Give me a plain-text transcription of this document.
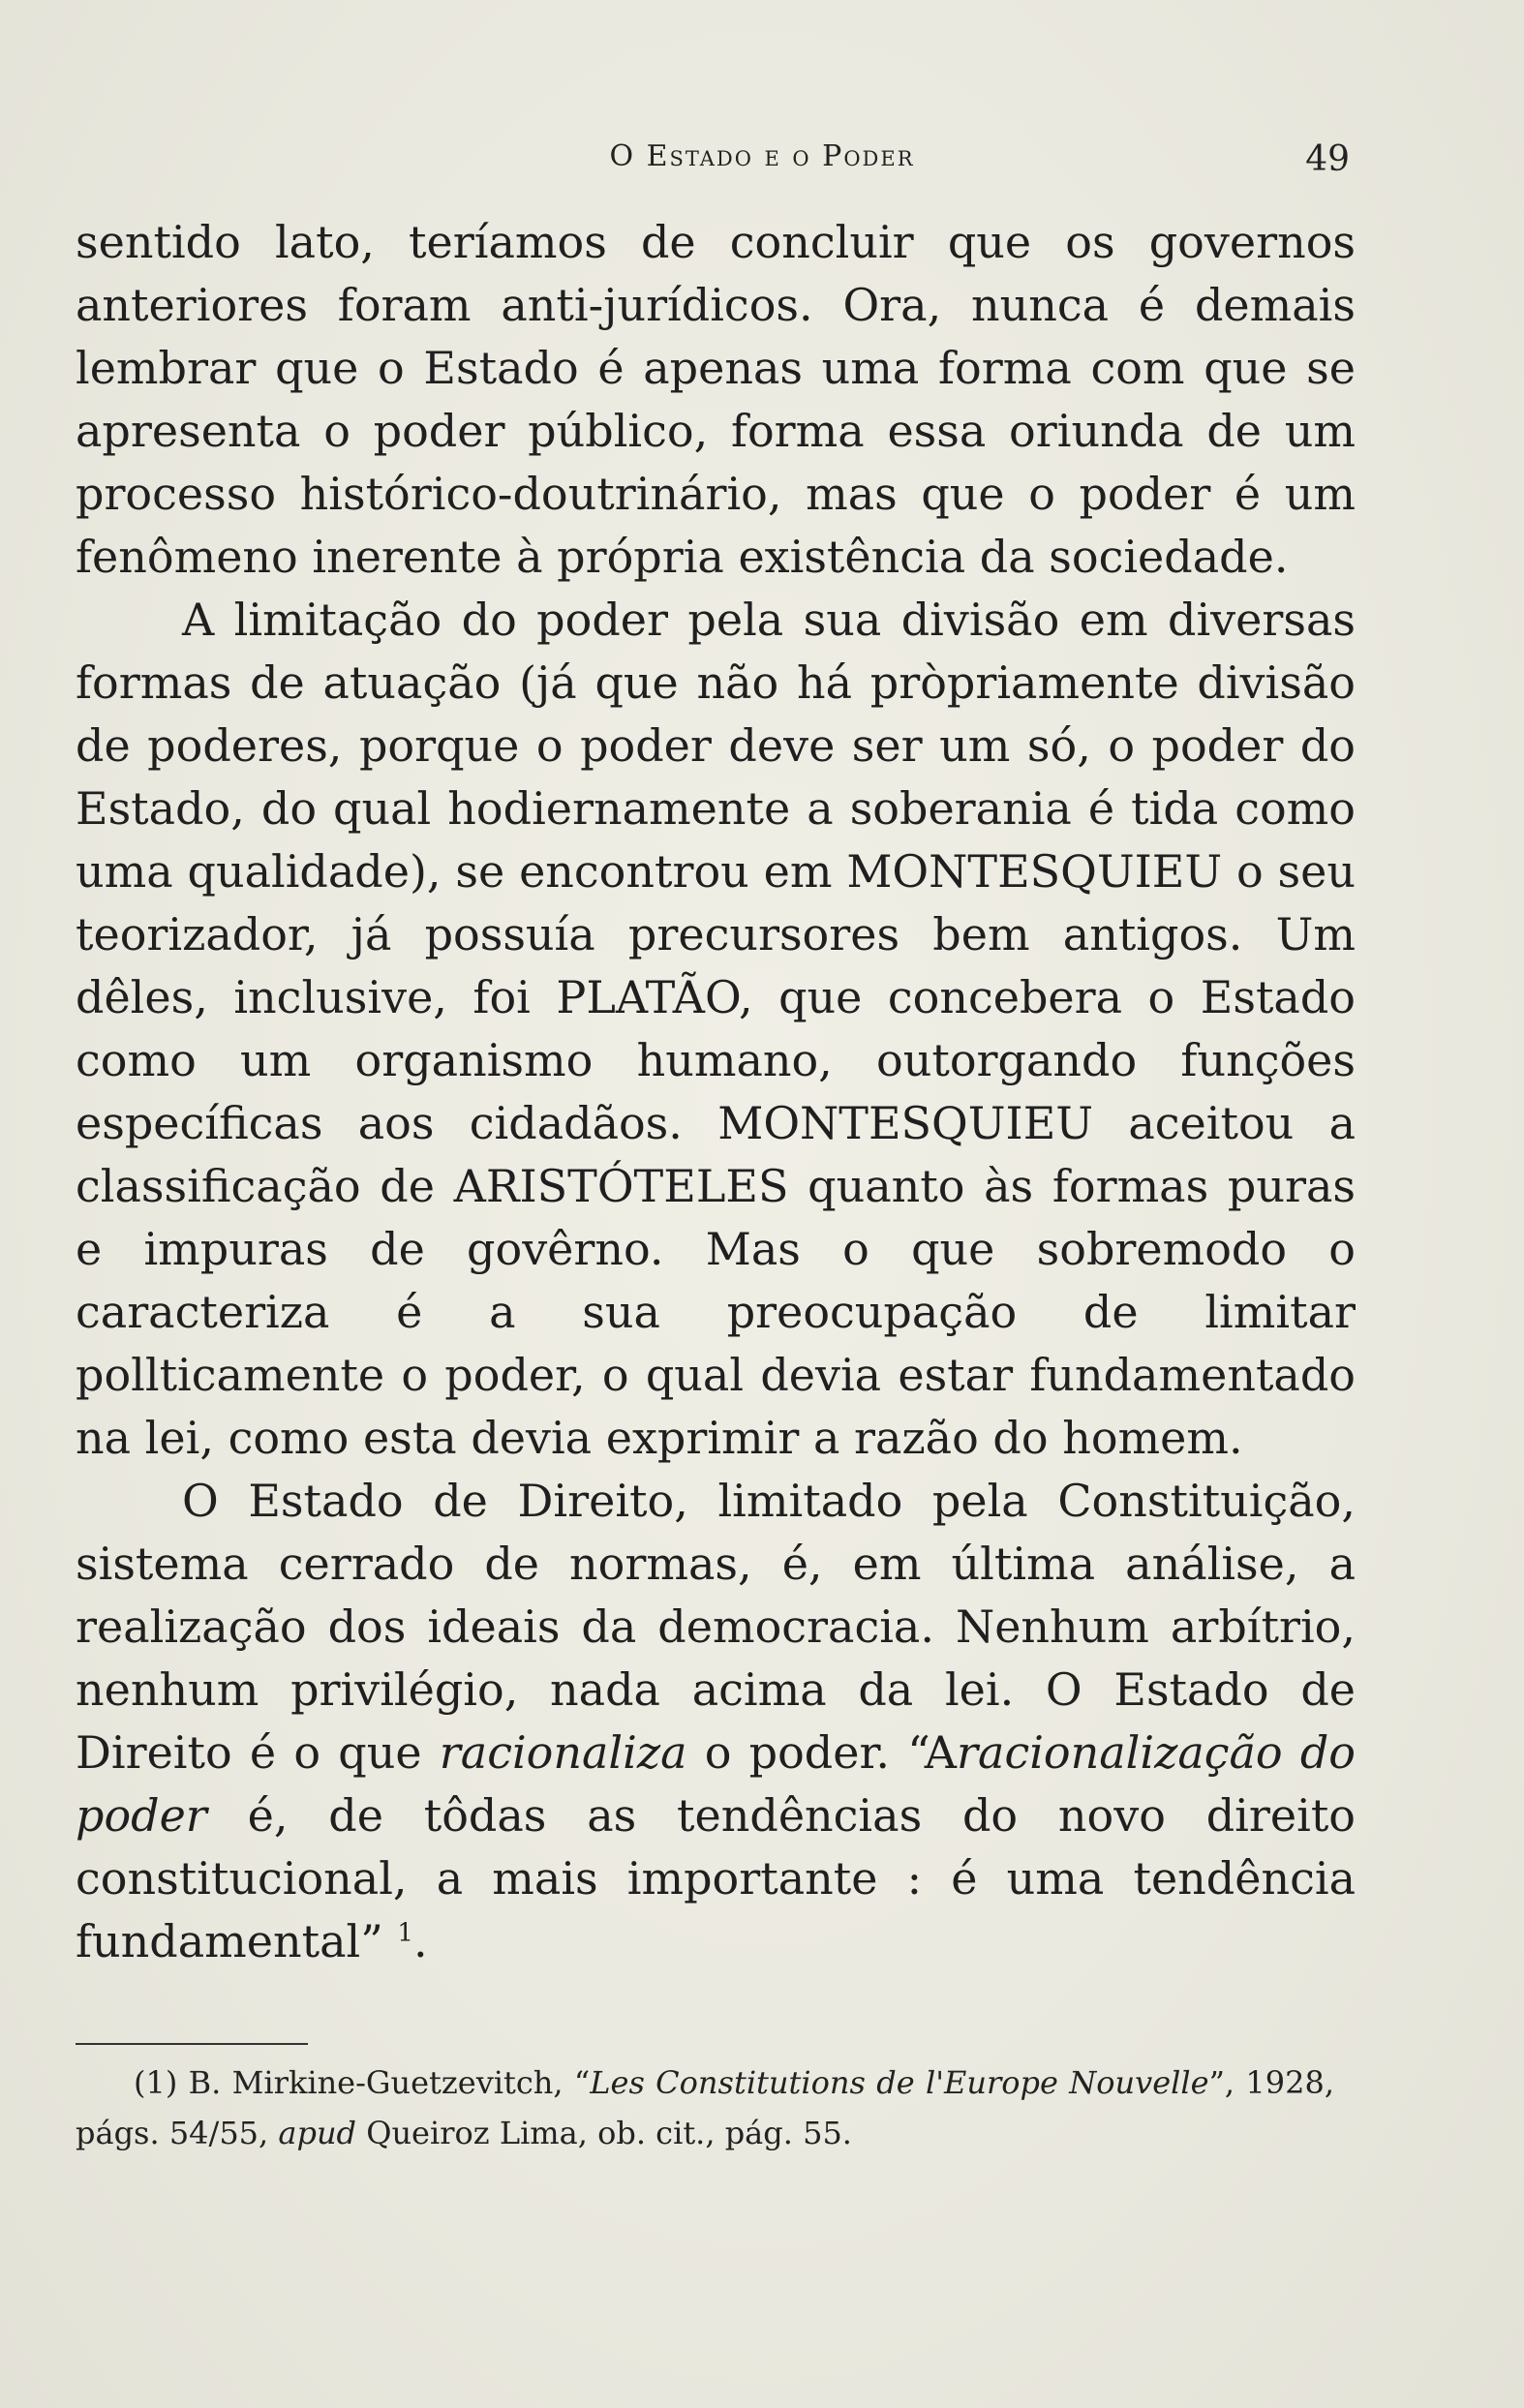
O Estado e o Poder	49

sentido lato, teríamos de concluir que os governos anteriores foram anti-jurídicos. Ora, nunca é demais lembrar que o Estado é apenas uma forma com que se apresenta o poder público, forma essa oriunda de um processo histórico-doutrinário, mas que o poder é um fenômeno inerente à própria existência da sociedade.

A limitação do poder pela sua divisão em diversas formas de atuação (já que não há pròpriamente divisão de poderes, porque o poder deve ser um só, o poder do Estado, do qual hodiernamente a soberania é tida como uma qualidade), se encontrou em MONTESQUIEU o seu teorizador, já possuía precursores bem antigos. Um dêles, inclusive, foi PLATÃO, que concebera o Estado como um organismo humano, outorgando funções específicas aos cidadãos. MONTESQUIEU aceitou a classificação de ARISTÓTELES quanto às formas puras e impuras de govêrno. Mas o que sobremodo o caracteriza é a sua preocupação de limitar pollticamente o poder, o qual devia estar fundamentado na lei, como esta devia exprimir a razão do homem.

O Estado de Direito, limitado pela Constituição, sistema cerrado de normas, é, em última análise, a realização dos ideais da democracia. Nenhum arbítrio, nenhum privilégio, nada acima da lei. O Estado de Direito é o que racionaliza o poder. “Aracionalização do poder é, de tôdas as tendências do novo direito constitucional, a mais importante : é uma tendência fundamental” $^1$.

(1) B. Mirkine-Guetzevitch, “Les Constitutions de l'Europe Nouvelle”, 1928, págs. 54/55, apud Queiroz Lima, ob. cit., pág. 55.
